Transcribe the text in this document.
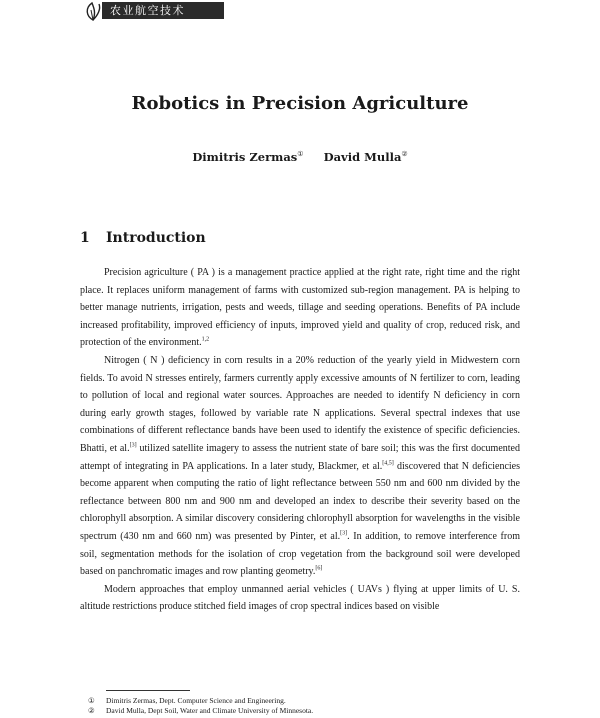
农业航空技术
Robotics in Precision Agriculture
Dimitris Zermas① David Mulla②
1 Introduction

Precision agriculture ( PA ) is a management practice applied at the right rate, right time and the right place. It replaces uniform management of farms with customized sub-region management. PA is helping to better manage nutrients, irrigation, pests and weeds, tillage and seeding operations. Benefits of PA include increased profitability, improved efficiency of inputs, improved yield and quality of crop, reduced risk, and protection of the environment.$^{1,2}$

Nitrogen ( N ) deficiency in corn results in a 20% reduction of the yearly yield in Midwestern corn fields. To avoid N stresses entirely, farmers currently apply excessive amounts of N fertilizer to corn, leading to pollution of local and regional water sources. Approaches are needed to identify N deficiency in corn during early growth stages, followed by variable rate N applications. Several spectral indexes that use combinations of different reflectance bands have been used to identify the existence of specific deficiencies. Bhatti, et al.[3] utilized satellite imagery to assess the nutrient state of bare soil; this was the first documented attempt of integrating in PA applications. In a later study, Blackmer, et al.[4,5] discovered that N deficiencies become apparent when computing the ratio of light reflectance between 550 nm and 600 nm divided by the reflectance between 800 nm and 900 nm and developed an index to describe their severity based on the chlorophyll absorption. A similar discovery considering chlorophyll absorption for wavelengths in the visible spectrum (430 nm and 660 nm) was presented by Pinter, et al.[3]. In addition, to remove interference from soil, segmentation methods for the isolation of crop vegetation from the background soil were developed based on panchromatic images and row planting geometry.[6]

Modern approaches that employ unmanned aerial vehicles ( UAVs ) flying at upper limits of U. S. altitude restrictions produce stitched field images of crop spectral indices based on visible

① Dimitris Zermas, Dept. Computer Science and Engineering.
② David Mulla, Dept Soil, Water and Climate University of Minnesota.
